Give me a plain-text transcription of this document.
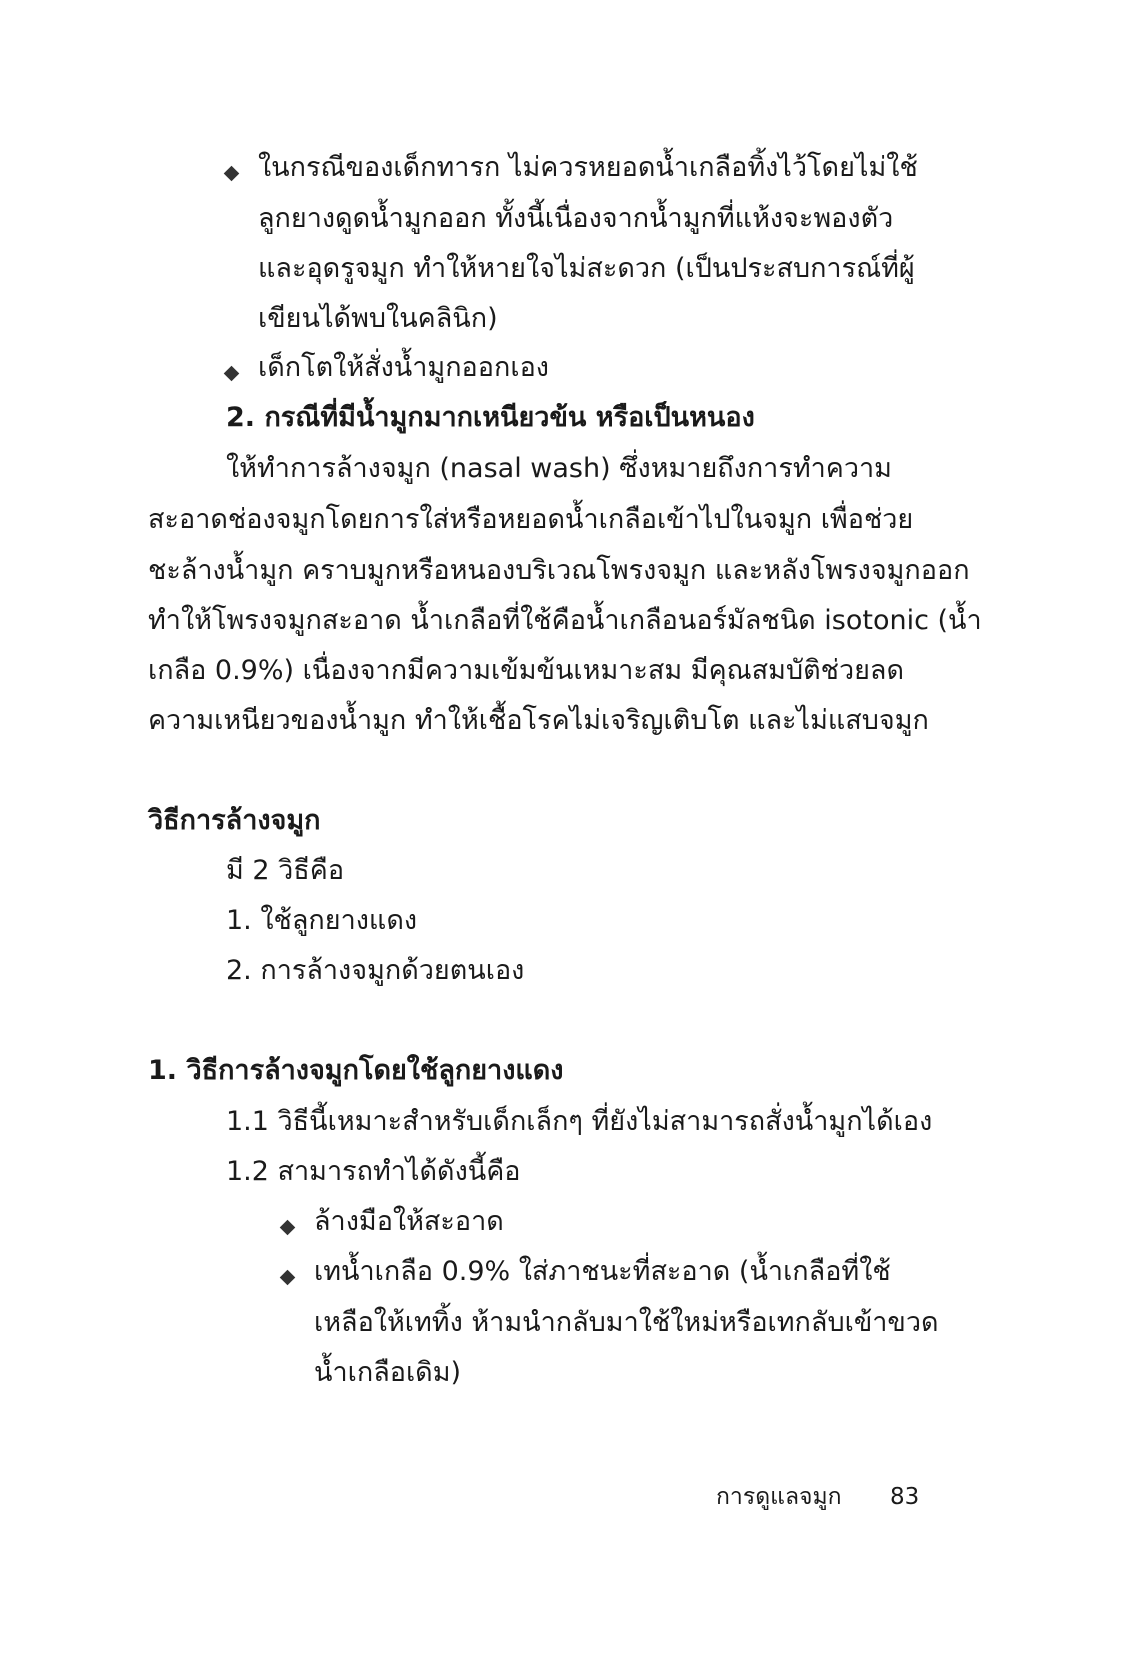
ในกรณีของเด็กทารก ไม่ควรหยอดน้ำเกลือทิ้งไว้โดยไม่ใช้
ลูกยางดูดน้ำมูกออก ทั้งนี้เนื่องจากน้ำมูกที่แห้งจะพองตัว
และอุดรูจมูก ทำให้หายใจไม่สะดวก (เป็นประสบการณ์ที่ผู้
เขียนได้พบในคลินิก)
เด็กโตให้สั่งน้ำมูกออกเอง
2. กรณีที่มีน้ำมูกมากเหนียวข้น หรือเป็นหนอง
ให้ทำการล้างจมูก (nasal wash) ซึ่งหมายถึงการทำความ
สะอาดช่องจมูกโดยการใส่หรือหยอดน้ำเกลือเข้าไปในจมูก เพื่อช่วย
ชะล้างน้ำมูก คราบมูกหรือหนองบริเวณโพรงจมูก และหลังโพรงจมูกออก
ทำให้โพรงจมูกสะอาด น้ำเกลือที่ใช้คือน้ำเกลือนอร์มัลชนิด isotonic (น้ำ
เกลือ 0.9%) เนื่องจากมีความเข้มข้นเหมาะสม มีคุณสมบัติช่วยลด
ความเหนียวของน้ำมูก ทำให้เชื้อโรคไม่เจริญเติบโต และไม่แสบจมูก
วิธีการล้างจมูก
มี 2 วิธีคือ
1. ใช้ลูกยางแดง
2. การล้างจมูกด้วยตนเอง
1. วิธีการล้างจมูกโดยใช้ลูกยางแดง
1.1 วิธีนี้เหมาะสำหรับเด็กเล็กๆ ที่ยังไม่สามารถสั่งน้ำมูกได้เอง
1.2 สามารถทำได้ดังนี้คือ
ล้างมือให้สะอาด
เทน้ำเกลือ 0.9% ใส่ภาชนะที่สะอาด (น้ำเกลือที่ใช้
เหลือให้เททิ้ง ห้ามนำกลับมาใช้ใหม่หรือเทกลับเข้าขวด
น้ำเกลือเดิม)
การดูแลจมูก 83
